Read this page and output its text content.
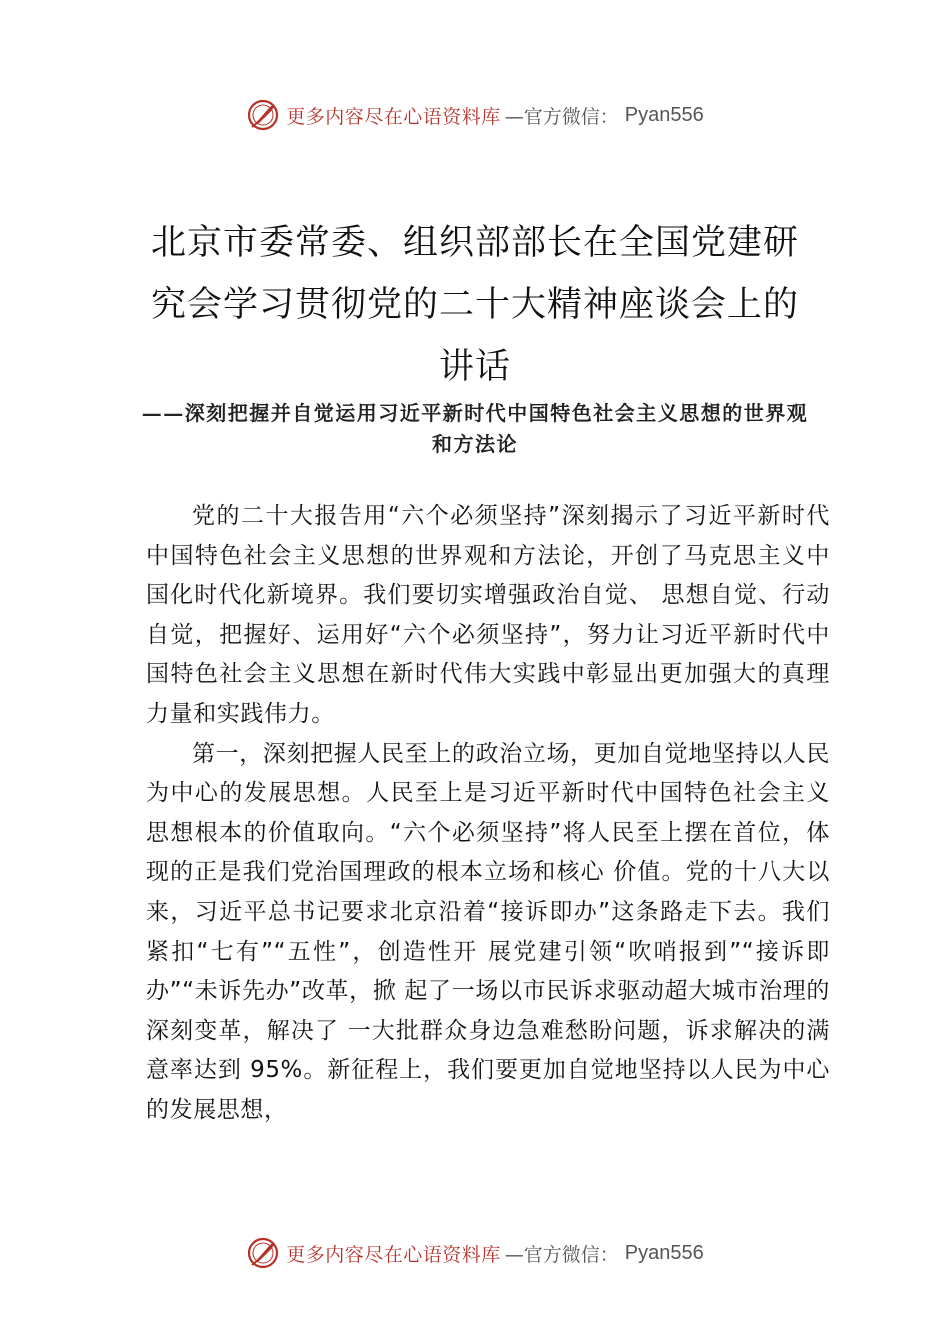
更多内容尽在心语资料库 —官方微信： Pyan556
北京市委常委、组织部部长在全国党建研究会学习贯彻党的二十大精神座谈会上的讲话
——深刻把握并自觉运用习近平新时代中国特色社会主义思想的世界观和方法论

党的二十大报告用“六个必须坚持”深刻揭示了习近平新时代中国特色社会主义思想的世界观和方法论，开创了马克思主义中国化时代化新境界。我们要切实增强政治自觉、 思想自觉、行动自觉，把握好、运用好“六个必须坚持”，努力让习近平新时代中国特色社会主义思想在新时代伟大实践中彰显出更加强大的真理力量和实践伟力。

第一，深刻把握人民至上的政治立场，更加自觉地坚持以人民为中心的发展思想。人民至上是习近平新时代中国特色社会主义思想根本的价值取向。“六个必须坚持”将人民至上摆在首位，体现的正是我们党治国理政的根本立场和核心 价值。党的十八大以来，习近平总书记要求北京沿着“接诉即办”这条路走下去。我们紧扣“七有”“五性”，创造性开 展党建引领“吹哨报到”“接诉即办”“未诉先办”改革，掀 起了一场以市民诉求驱动超大城市治理的深刻变革，解决了 一大批群众身边急难愁盼问题，诉求解决的满意率达到 95%。新征程上，我们要更加自觉地坚持以人民为中心的发展思想，

更多内容尽在心语资料库 —官方微信： Pyan556
